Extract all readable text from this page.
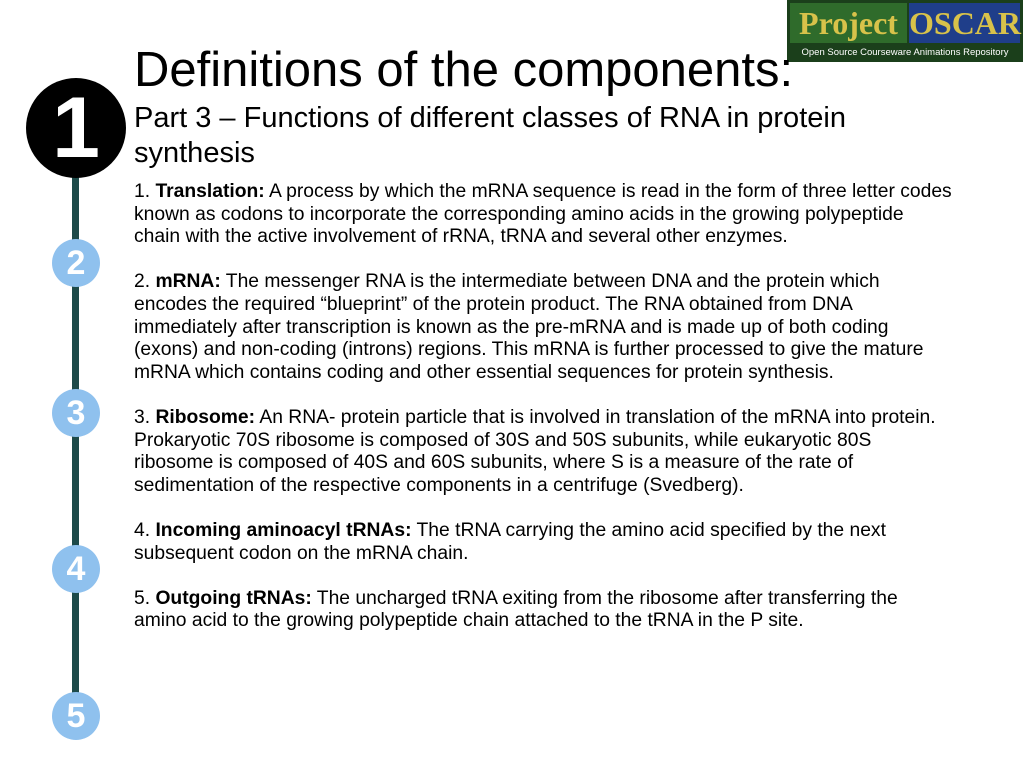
Project OSCAR
Open Source Courseware Animations Repository
1
2
3
4
5
Definitions of the components:
Part 3 – Functions of different classes of RNA in protein synthesis

1. Translation: A process by which the mRNA sequence is read in the form of three letter codes known as codons to incorporate the corresponding amino acids in the growing polypeptide chain with the active involvement of rRNA, tRNA and several other enzymes.

2. mRNA: The messenger RNA is the intermediate between DNA and the protein which encodes the required “blueprint” of the protein product. The RNA obtained from DNA immediately after transcription is known as the pre-mRNA and is made up of both coding (exons) and non-coding (introns) regions. This mRNA is further processed to give the mature mRNA which contains coding and other essential sequences for protein synthesis.

3. Ribosome: An RNA- protein particle that is involved in translation of the mRNA into protein. Prokaryotic 70S ribosome is composed of 30S and 50S subunits, while eukaryotic 80S ribosome is composed of 40S and 60S subunits, where S is a measure of the rate of sedimentation of the respective components in a centrifuge (Svedberg).

4. Incoming aminoacyl tRNAs: The tRNA carrying the amino acid specified by the next subsequent codon on the mRNA chain.

5. Outgoing tRNAs: The uncharged tRNA exiting from the ribosome after transferring the amino acid to the growing polypeptide chain attached to the tRNA in the P site.
